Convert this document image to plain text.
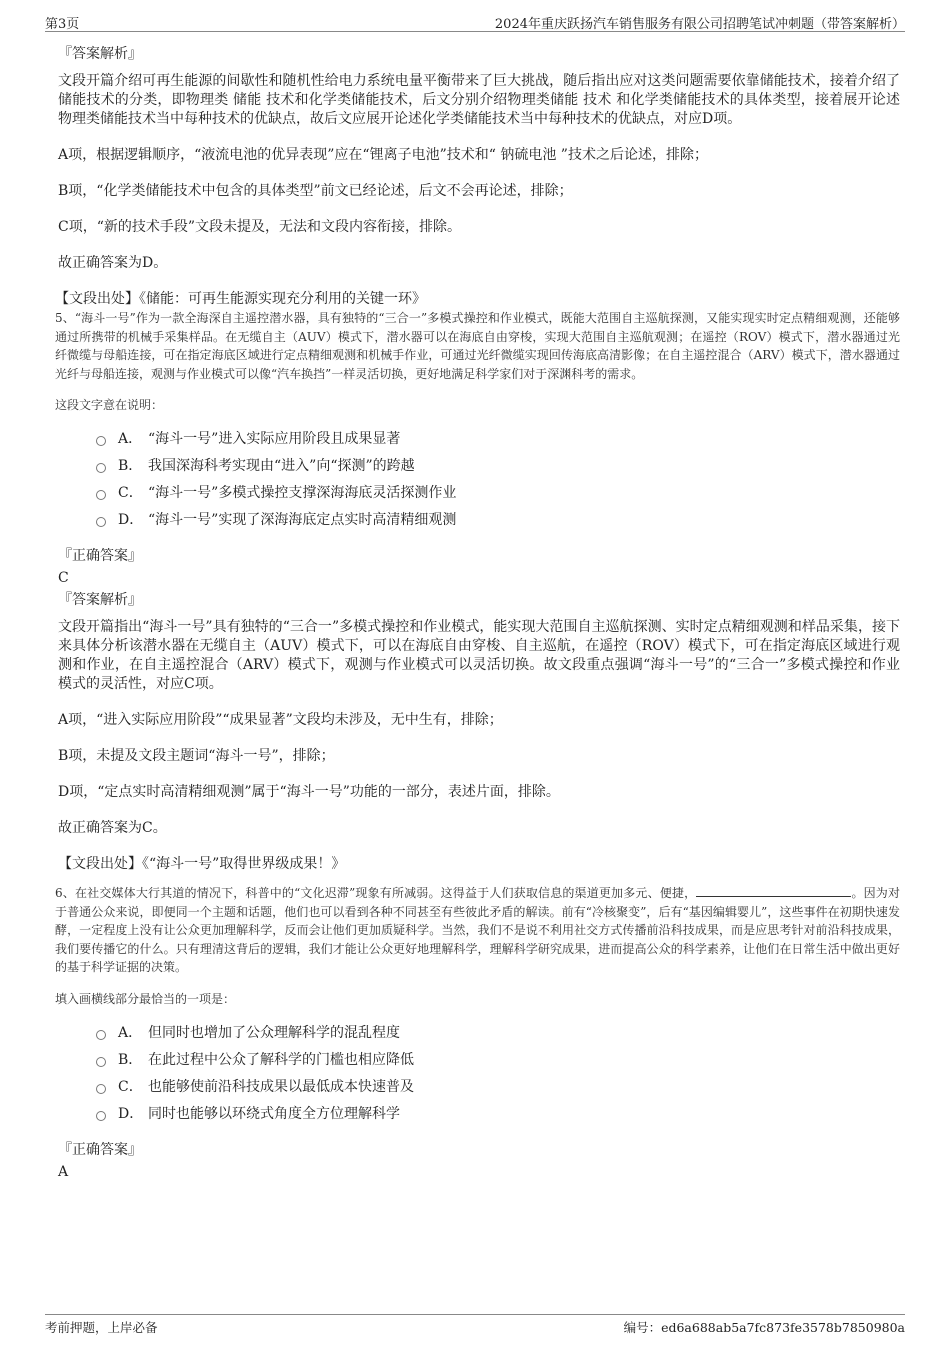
第3页	2024年重庆跃扬汽车销售服务有限公司招聘笔试冲刺题（带答案解析）
『答案解析』
文段开篇介绍可再生能源的间歇性和随机性给电力系统电量平衡带来了巨大挑战，随后指出应对这类问题需要依靠储能技术，接着介绍了储能技术的分类，即物理类 储能 技术和化学类储能技术，后文分别介绍物理类储能 技术 和化学类储能技术的具体类型，接着展开论述物理类储能技术当中每种技术的优缺点，故后文应展开论述化学类储能技术当中每种技术的优缺点，对应D项。
A项，根据逻辑顺序，“液流电池的优异表现”应在“锂离子电池”技术和“ 钠硫电池 ”技术之后论述，排除；
B项，“化学类储能技术中包含的具体类型”前文已经论述，后文不会再论述，排除；
C项，“新的技术手段”文段未提及，无法和文段内容衔接，排除。
故正确答案为D。
【文段出处】《储能：可再生能源实现充分利用的关键一环》
5、“海斗一号”作为一款全海深自主遥控潜水器，具有独特的“三合一”多模式操控和作业模式，既能大范围自主巡航探测，又能实现实时定点精细观测，还能够通过所携带的机械手采集样品。在无缆自主（AUV）模式下，潜水器可以在海底自由穿梭，实现大范围自主巡航观测；在遥控（ROV）模式下，潜水器通过光纤微缆与母船连接，可在指定海底区域进行定点精细观测和机械手作业，可通过光纤微缆实现回传海底高清影像；在自主遥控混合（ARV）模式下，潜水器通过光纤与母船连接，观测与作业模式可以像“汽车换挡”一样灵活切换，更好地满足科学家们对于深渊科考的需求。
这段文字意在说明：
A． “海斗一号”进入实际应用阶段且成果显著
B． 我国深海科考实现由“进入”向“探测”的跨越
C． “海斗一号”多模式操控支撑深海海底灵活探测作业
D． “海斗一号”实现了深海海底定点实时高清精细观测
『正确答案』
C
『答案解析』
文段开篇指出“海斗一号”具有独特的“三合一”多模式操控和作业模式，能实现大范围自主巡航探测、实时定点精细观测和样品采集，接下来具体分析该潜水器在无缆自主（AUV）模式下，可以在海底自由穿梭、自主巡航，在遥控（ROV）模式下，可在指定海底区域进行观测和作业，在自主遥控混合（ARV）模式下，观测与作业模式可以灵活切换。故文段重点强调“海斗一号”的“三合一”多模式操控和作业模式的灵活性，对应C项。
A项，“进入实际应用阶段”“成果显著”文段均未涉及，无中生有，排除；
B项，未提及文段主题词“海斗一号”，排除；
D项，“定点实时高清精细观测”属于“海斗一号”功能的一部分，表述片面，排除。
故正确答案为C。
【文段出处】《“海斗一号”取得世界级成果！》
6、在社交媒体大行其道的情况下，科普中的“文化迟滞”现象有所减弱。这得益于人们获取信息的渠道更加多元、便捷，	。因为对于普通公众来说，即便同一个主题和话题，他们也可以看到各种不同甚至有些彼此矛盾的解读。前有“冷核聚变”，后有“基因编辑婴儿”，这些事件在初期快速发酵，一定程度上没有让公众更加理解科学，反而会让他们更加质疑科学。当然，我们不是说不利用社交方式传播前沿科技成果，而是应思考针对前沿科技成果，我们要传播它的什么。只有理清这背后的逻辑，我们才能让公众更好地理解科学，理解科学研究成果，进而提高公众的科学素养，让他们在日常生活中做出更好的基于科学证据的决策。
填入画横线部分最恰当的一项是：
A． 但同时也增加了公众理解科学的混乱程度
B． 在此过程中公众了解科学的门槛也相应降低
C． 也能够使前沿科技成果以最低成本快速普及
D． 同时也能够以环绕式角度全方位理解科学
『正确答案』
A
考前押题，上岸必备	编号：ed6a688ab5a7fc873fe3578b7850980a
